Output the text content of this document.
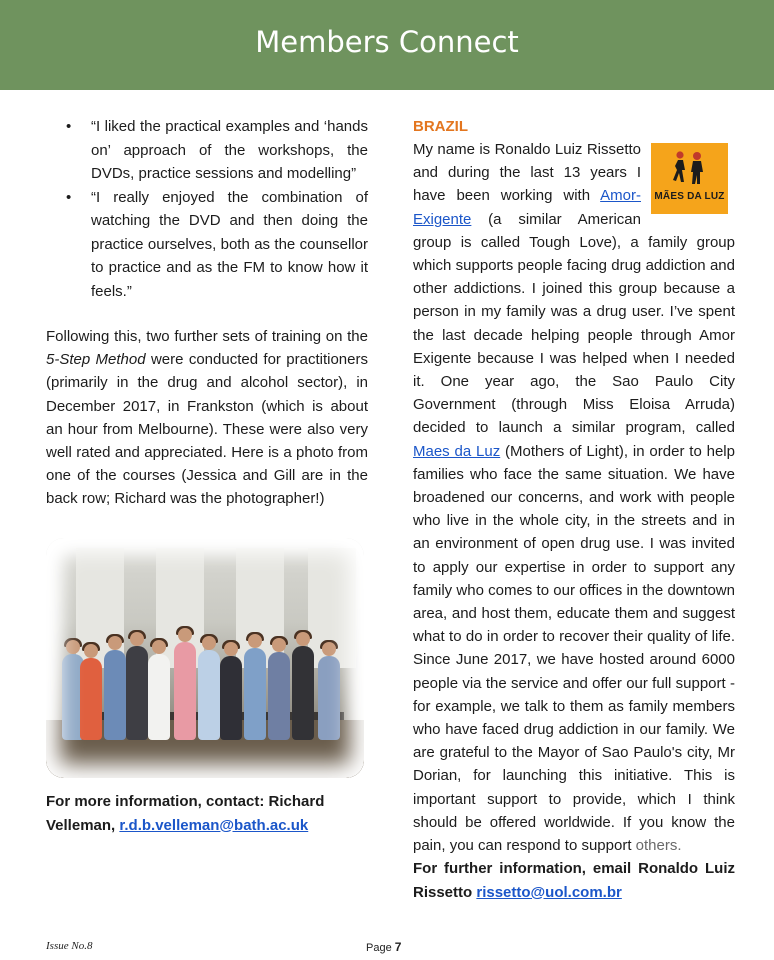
Members Connect
• “I liked the practical examples and ‘hands on’ approach of the workshops, the DVDs, practice sessions and modelling”
• “I really enjoyed the combination of watching the DVD and then doing the practice ourselves, both as the counsellor to practice and as the FM to know how it feels.”

Following this, two further sets of training on the 5-Step Method were conducted for practitioners (primarily in the drug and alcohol sector), in December 2017, in Frankston (which is about an hour from Melbourne). These were also very well rated and appreciated. Here is a photo from one of the courses (Jessica and Gill are in the back row; Richard was the photographer!)

For more information, contact: Richard Velleman, r.d.b.velleman@bath.ac.uk

BRAZIL

MÃES DA LUZ
My name is Ronaldo Luiz Rissetto and during the last 13 years I have been working with Amor-Exigente (a similar American group is called Tough Love), a family group which supports people facing drug addiction and other addictions. I joined this group because a person in my family was a drug user. I’ve spent the last decade helping people through Amor Exigente because I was helped when I needed it. One year ago, the Sao Paulo City Government (through Miss Eloisa Arruda) decided to launch a similar program, called Maes da Luz (Mothers of Light), in order to help families who face the same situation. We have broadened our concerns, and work with people who live in the whole city, in the streets and in an environment of open drug use. I was invited to apply our expertise in order to support any family who comes to our offices in the downtown area, and host them, educate them and suggest what to do in order to recover their quality of life. Since June 2017, we have hosted around 6000 people via the service and offer our full support - for example, we talk to them as family members who have faced drug addiction in our family. We are grateful to the Mayor of Sao Paulo's city, Mr Dorian, for launching this initiative. This is important support to provide, which I think should be offered worldwide. If you know the pain, you can respond to support others.

For further information, email Ronaldo Luiz Rissetto rissetto@uol.com.br

Issue No.8	Page 7
